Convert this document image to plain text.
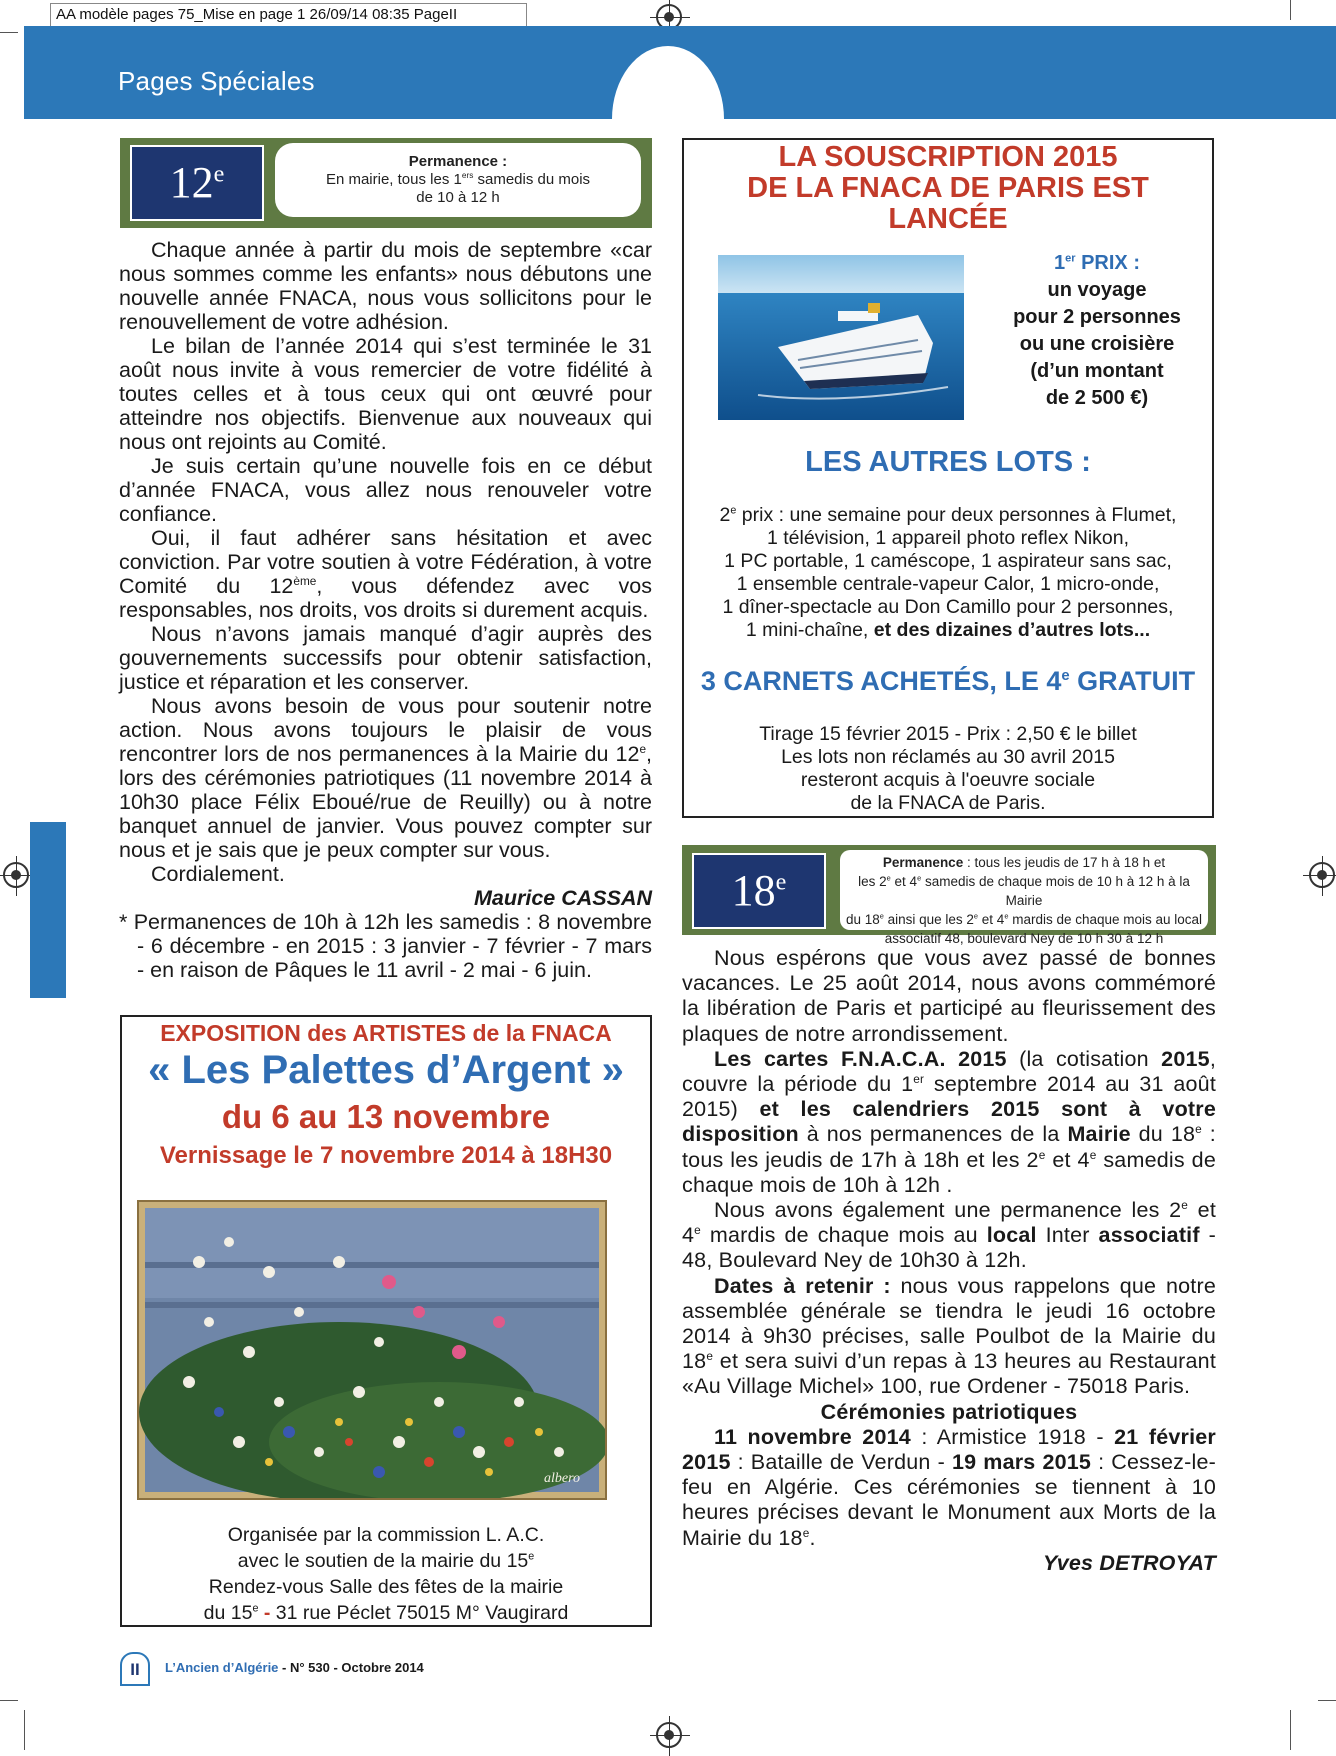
AA modèle pages 75_Mise en page 1 26/09/14 08:35 PageII
Pages Spéciales
12e	Permanence :
En mairie, tous les 1ers samedis du mois
de 10 à 12 h

Chaque année à partir du mois de septembre «car nous sommes comme les enfants» nous débutons une nouvelle année FNACA, nous vous sollicitons pour le renouvellement de votre adhésion.

Le bilan de l’année 2014 qui s’est terminée le 31 août nous invite à vous remercier de votre fidélité à toutes celles et à tous ceux qui ont œuvré pour atteindre nos objectifs. Bienvenue aux nouveaux qui nous ont rejoints au Comité.

Je suis certain qu’une nouvelle fois en ce début d’année FNACA, vous allez nous renouveler votre confiance.

Oui, il faut adhérer sans hésitation et avec conviction. Par votre soutien à votre Fédération, à votre Comité du 12ème, vous défendez avec vos responsables, nos droits, vos droits si durement acquis.

Nous n’avons jamais manqué d’agir auprès des gouvernements successifs pour obtenir satisfaction, justice et réparation et les conserver.

Nous avons besoin de vous pour soutenir notre action. Nous avons toujours le plaisir de vous rencontrer lors de nos permanences à la Mairie du 12e, lors des cérémonies patriotiques (11 novembre 2014 à 10h30 place Félix Eboué/rue de Reuilly) ou à notre banquet annuel de janvier. Vous pouvez compter sur nous et je sais que je peux compter sur vous.

Cordialement.

Maurice CASSAN

* Permanences de 10h à 12h les samedis : 8 novembre - 6 décembre - en 2015 : 3 janvier - 7 février - 7 mars - en raison de Pâques le 11 avril - 2 mai - 6 juin.

LA SOUSCRIPTION 2015
DE LA FNACA DE PARIS EST
LANCÉE
1er PRIX :
un voyage
pour 2 personnes
ou une croisière
(d’un montant
de 2 500 €)
LES AUTRES LOTS :
2e prix : une semaine pour deux personnes à Flumet,
1 télévision, 1 appareil photo reflex Nikon,
1 PC portable, 1 caméscope, 1 aspirateur sans sac,
1 ensemble centrale-vapeur Calor, 1 micro-onde,
1 dîner-spectacle au Don Camillo pour 2 personnes,
1 mini-chaîne, et des dizaines d’autres lots...
3 CARNETS ACHETÉS, LE 4e GRATUIT
Tirage 15 février 2015 - Prix : 2,50 € le billet
Les lots non réclamés au 30 avril 2015
resteront acquis à l'oeuvre sociale
de la FNACA de Paris.
18e
Permanence : tous les jeudis de 17 h à 18 h et
les 2e et 4e samedis de chaque mois de 10 h à 12 h à la Mairie
du 18e ainsi que les 2e et 4e mardis de chaque mois au local
associatif 48, boulevard Ney de 10 h 30 à 12 h

Nous espérons que vous avez passé de bonnes vacances. Le 25 août 2014, nous avons commémoré la libération de Paris et participé au fleurissement des plaques de notre arrondissement.

Les cartes F.N.A.C.A. 2015 (la cotisation 2015, couvre la période du 1er septembre 2014 au 31 août 2015) et les calendriers 2015 sont à votre disposition à nos permanences de la Mairie du 18e : tous les jeudis de 17h à 18h et les 2e et 4e samedis de chaque mois de 10h à 12h .

Nous avons également une permanence les 2e et 4e mardis de chaque mois au local Inter associatif - 48, Boulevard Ney de 10h30 à 12h.

Dates à retenir : nous vous rappelons que notre assemblée générale se tiendra le jeudi 16 octobre 2014 à 9h30 précises, salle Poulbot de la Mairie du 18e et sera suivi d’un repas à 13 heures au Restaurant «Au Village Michel» 100, rue Ordener - 75018 Paris.

Cérémonies patriotiques

11 novembre 2014 : Armistice 1918 - 21 février 2015 : Bataille de Verdun - 19 mars 2015 : Cessez-le-feu en Algérie. Ces cérémonies se tiennent à 10 heures précises devant le Monument aux Morts de la Mairie du 18e.

Yves DETROYAT

EXPOSITION des ARTISTES de la FNACA
« Les Palettes d’Argent »
du 6 au 13 novembre
Vernissage le 7 novembre 2014 à 18H30
albero
Organisée par la commission L. A.C.
avec le soutien de la mairie du 15e
Rendez-vous Salle des fêtes de la mairie
du 15e - 31 rue Péclet 75015 M° Vaugirard
II	L’Ancien d’Algérie - N° 530 - Octobre 2014
